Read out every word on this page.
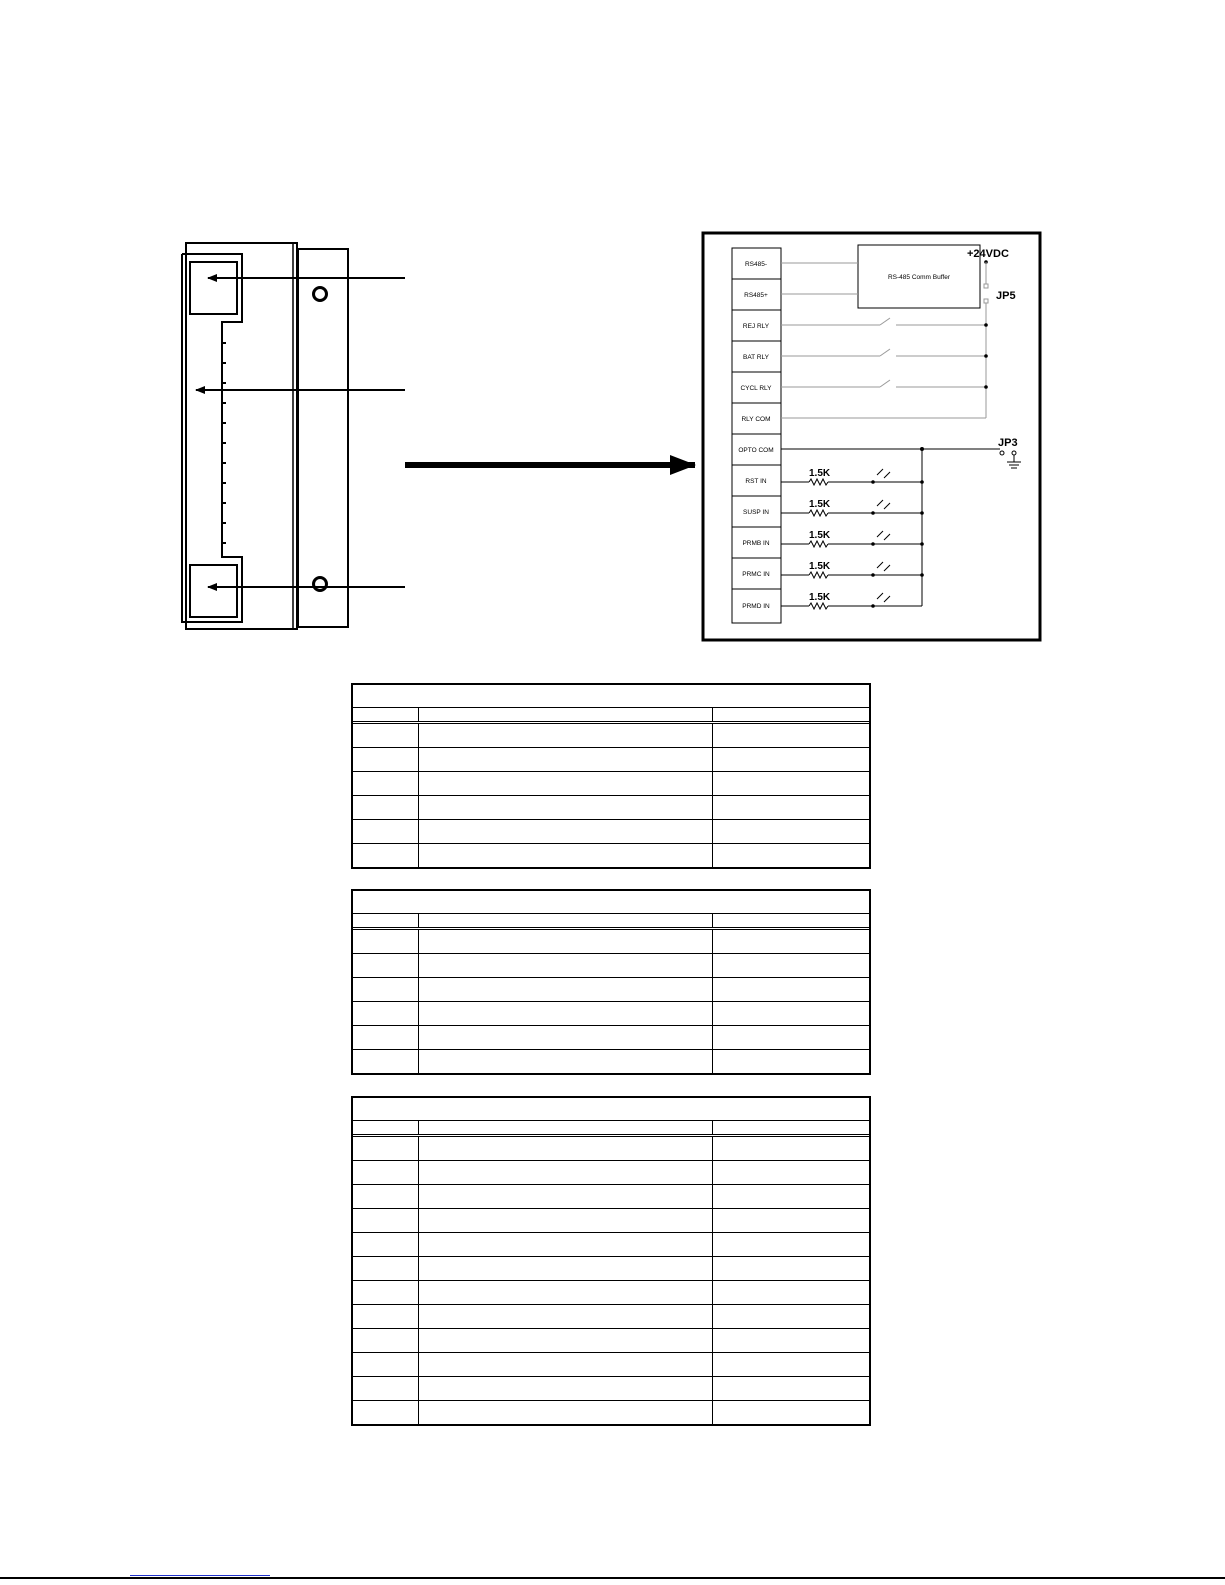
RS485-
RS485+
REJ RLY
BAT RLY
CYCL RLY
RLY COM
OPTO COM
RST IN
SUSP IN
PRMB IN
PRMC IN
PRMD IN
RS-485 Comm Buffer
+24VDC
JP5
JP3
1.5K
1.5K
1.5K
1.5K
1.5K
